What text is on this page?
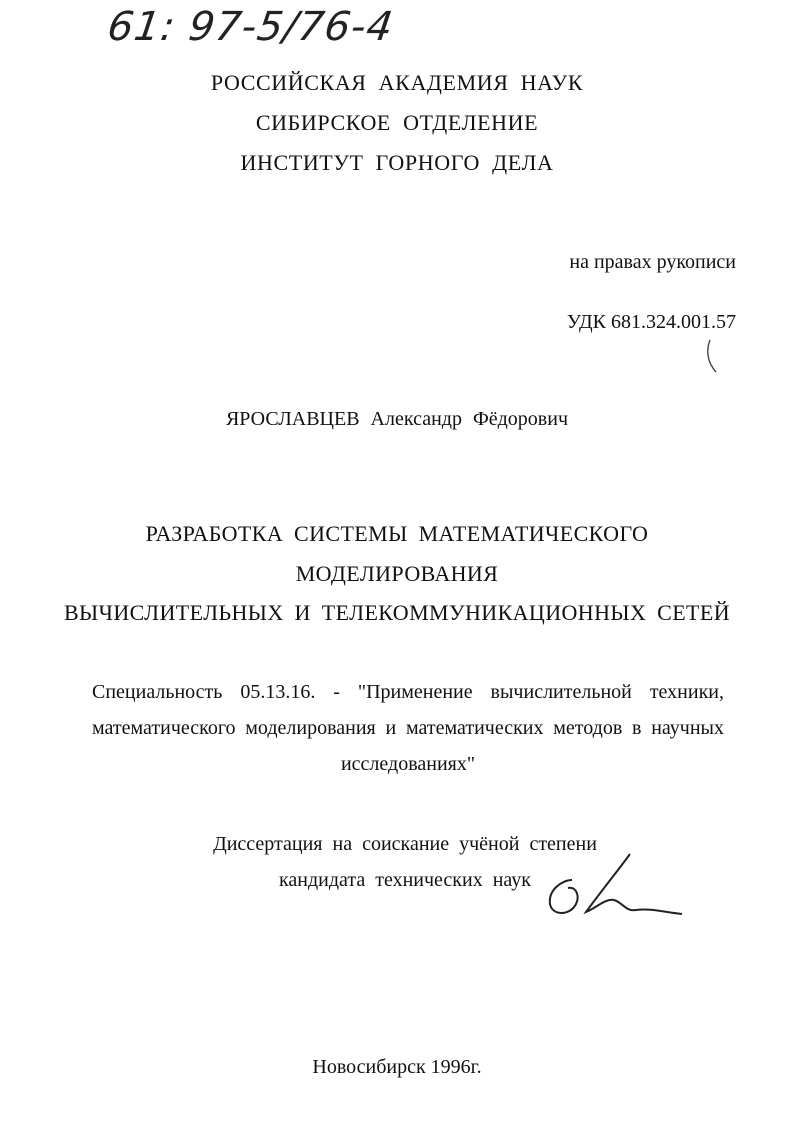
61: 97-5/76-4
РОССИЙСКАЯ АКАДЕМИЯ НАУК
СИБИРСКОЕ ОТДЕЛЕНИЕ
ИНСТИТУТ ГОРНОГО ДЕЛА
на правах рукописи
УДК 681.324.001.57
ЯРОСЛАВЦЕВ Александр Фёдорович
РАЗРАБОТКА СИСТЕМЫ МАТЕМАТИЧЕСКОГО
МОДЕЛИРОВАНИЯ
ВЫЧИСЛИТЕЛЬНЫХ И ТЕЛЕКОММУНИКАЦИОННЫХ СЕТЕЙ
Специальность 05.13.16. - "Применение вычислительной техники, математического моделирования и математических методов в научных исследованиях"
Диссертация на соискание учёной степени
кандидата технических наук
Новосибирск 1996г.
